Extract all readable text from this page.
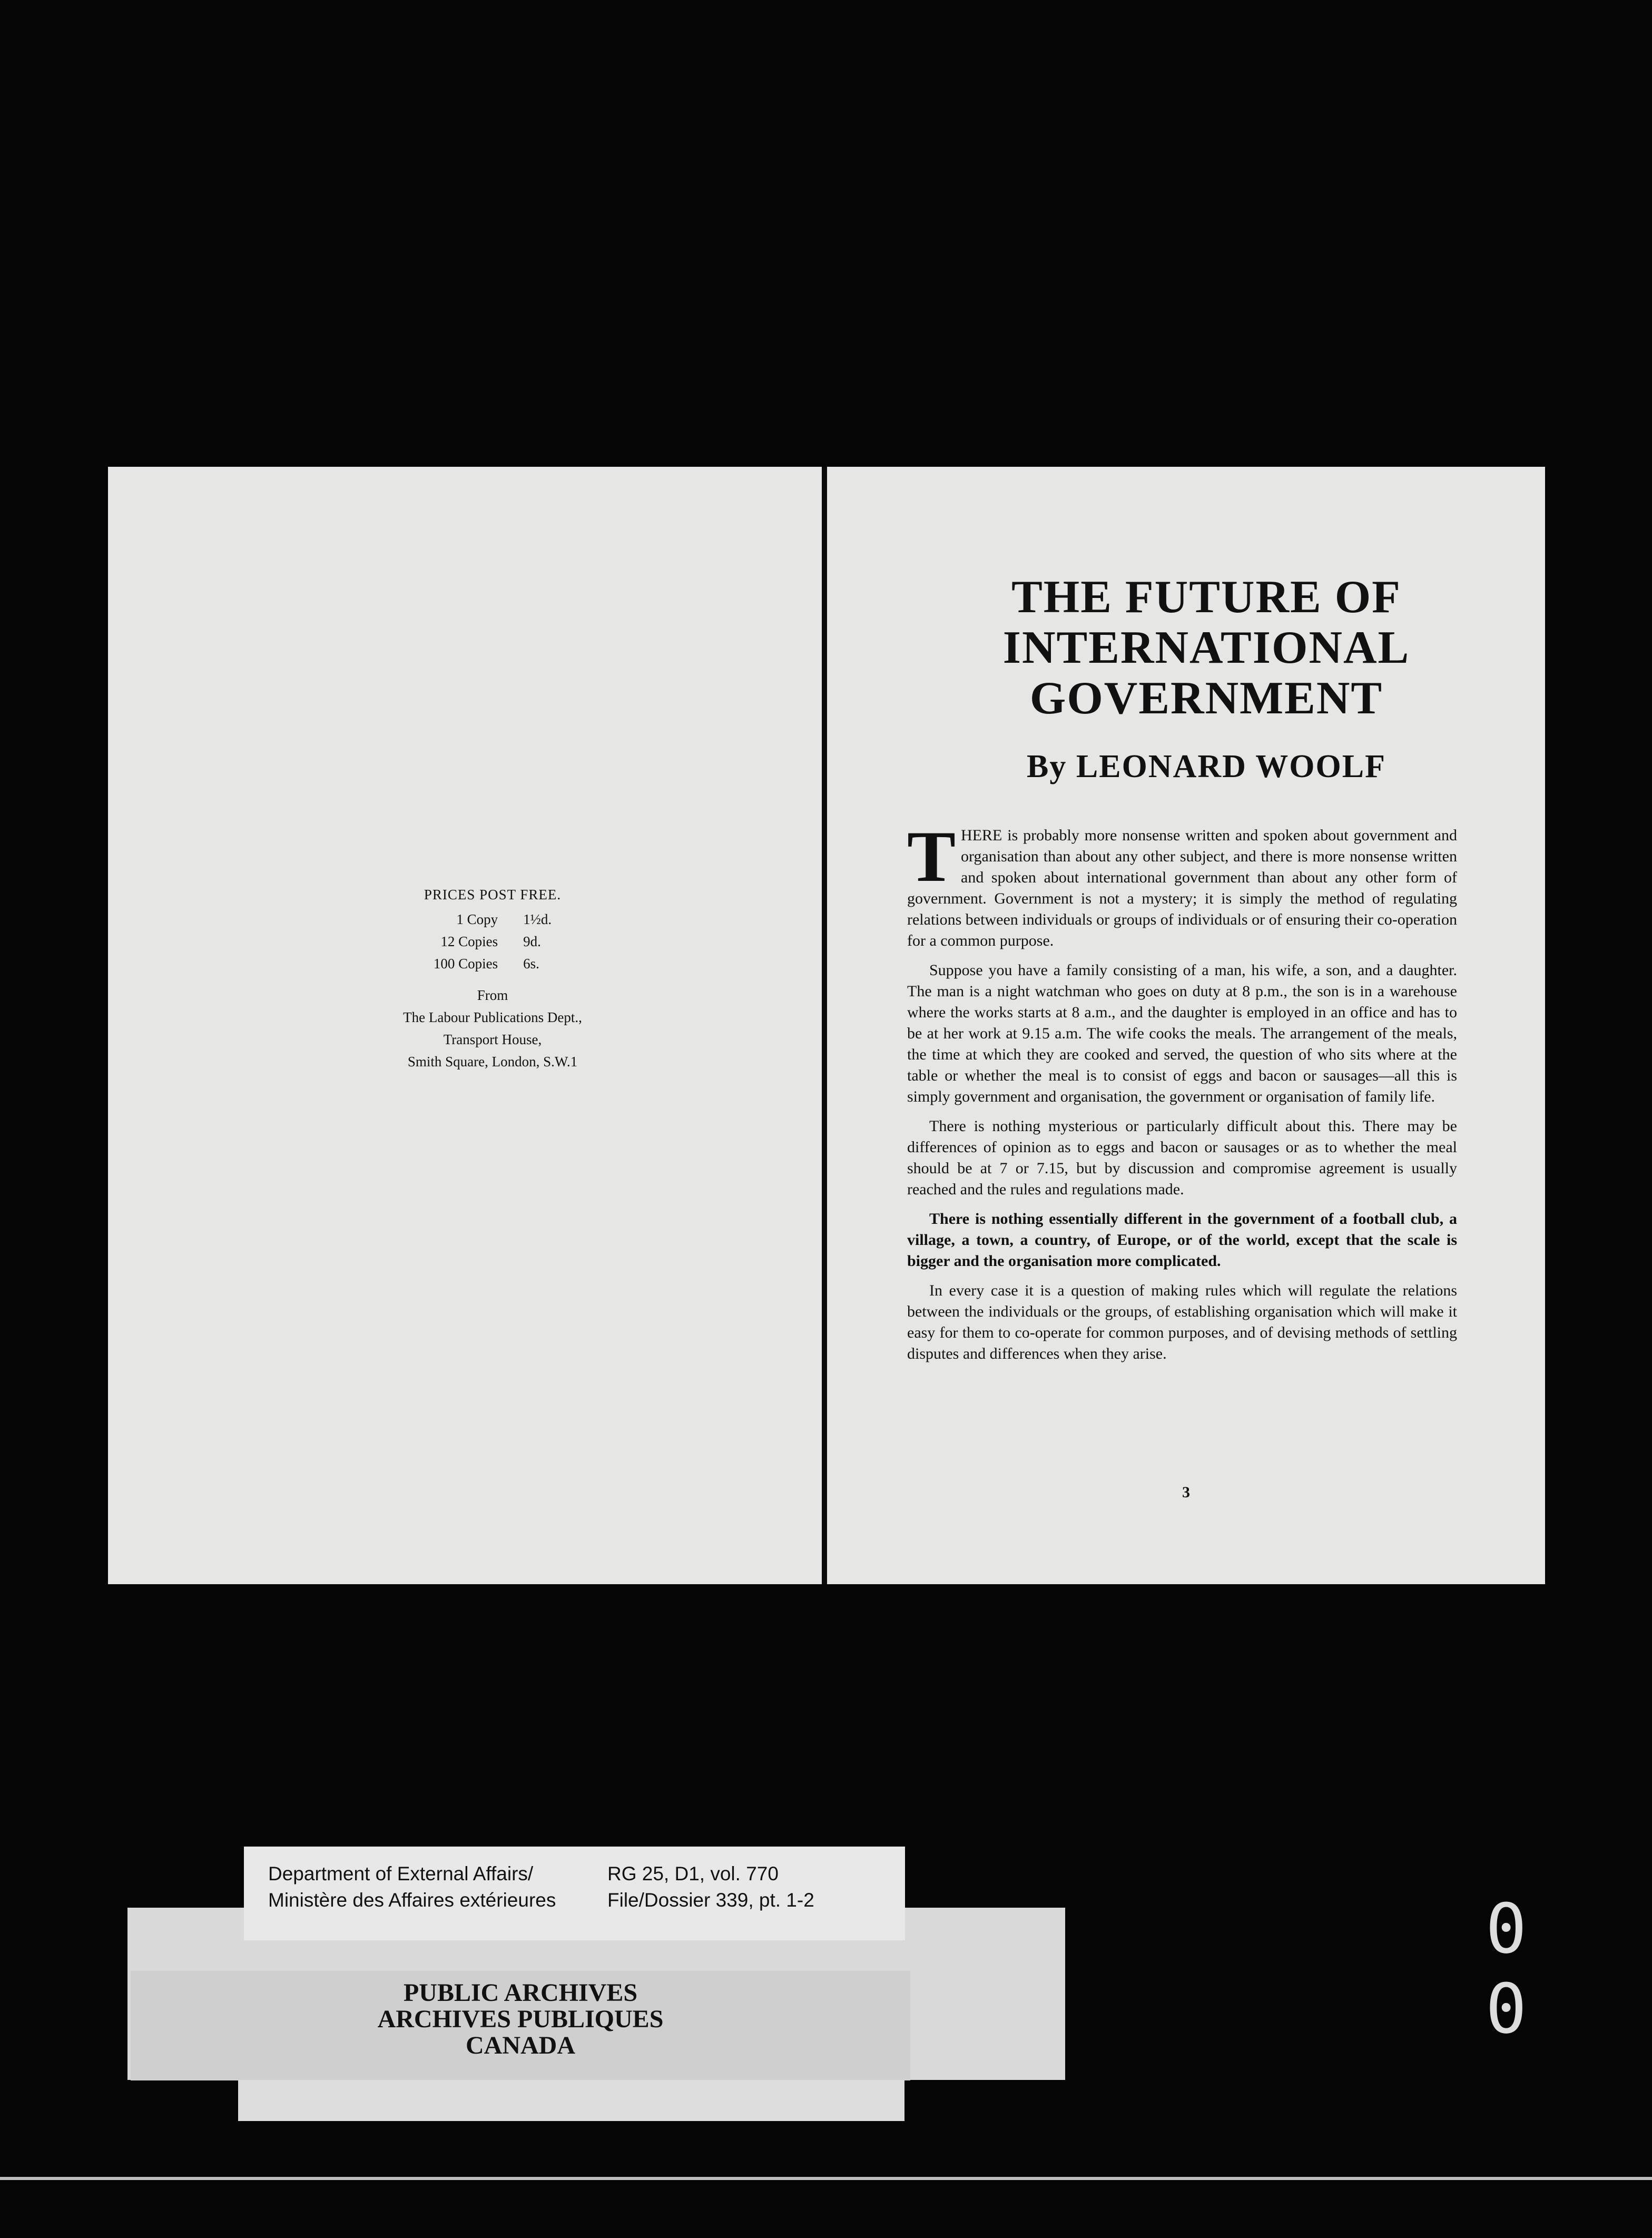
PRICES POST FREE.
1 Copy	1½d.
12 Copies	9d.
100 Copies	6s.
From
The Labour Publications Dept.,
Transport House,
Smith Square, London, S.W.1
THE FUTURE OF
INTERNATIONAL
GOVERNMENT
By LEONARD WOOLF

THERE is probably more nonsense written and spoken about government and organisation than about any other subject, and there is more nonsense written and spoken about international government than about any other form of government. Government is not a mystery; it is simply the method of regulating relations between individuals or groups of individuals or of ensuring their co-operation for a common purpose.

Suppose you have a family consisting of a man, his wife, a son, and a daughter. The man is a night watchman who goes on duty at 8 p.m., the son is in a warehouse where the works starts at 8 a.m., and the daughter is employed in an office and has to be at her work at 9.15 a.m. The wife cooks the meals. The arrangement of the meals, the time at which they are cooked and served, the question of who sits where at the table or whether the meal is to consist of eggs and bacon or sausages—all this is simply government and organisation, the government or organisation of family life.

There is nothing mysterious or particularly difficult about this. There may be differences of opinion as to eggs and bacon or sausages or as to whether the meal should be at 7 or 7.15, but by discussion and compromise agreement is usually reached and the rules and regulations made.

There is nothing essentially different in the government of a football club, a village, a town, a country, of Europe, or of the world, except that the scale is bigger and the organisation more complicated.

In every case it is a question of making rules which will regulate the relations between the individuals or the groups, of establishing organisation which will make it easy for them to co-operate for common purposes, and of devising methods of settling disputes and differences when they arise.

3
Department of External Affairs/
Ministère des Affaires extérieures
RG 25, D1, vol. 770
File/Dossier 339, pt. 1-2
PUBLIC ARCHIVES
ARCHIVES PUBLIQUES
CANADA
0 0
